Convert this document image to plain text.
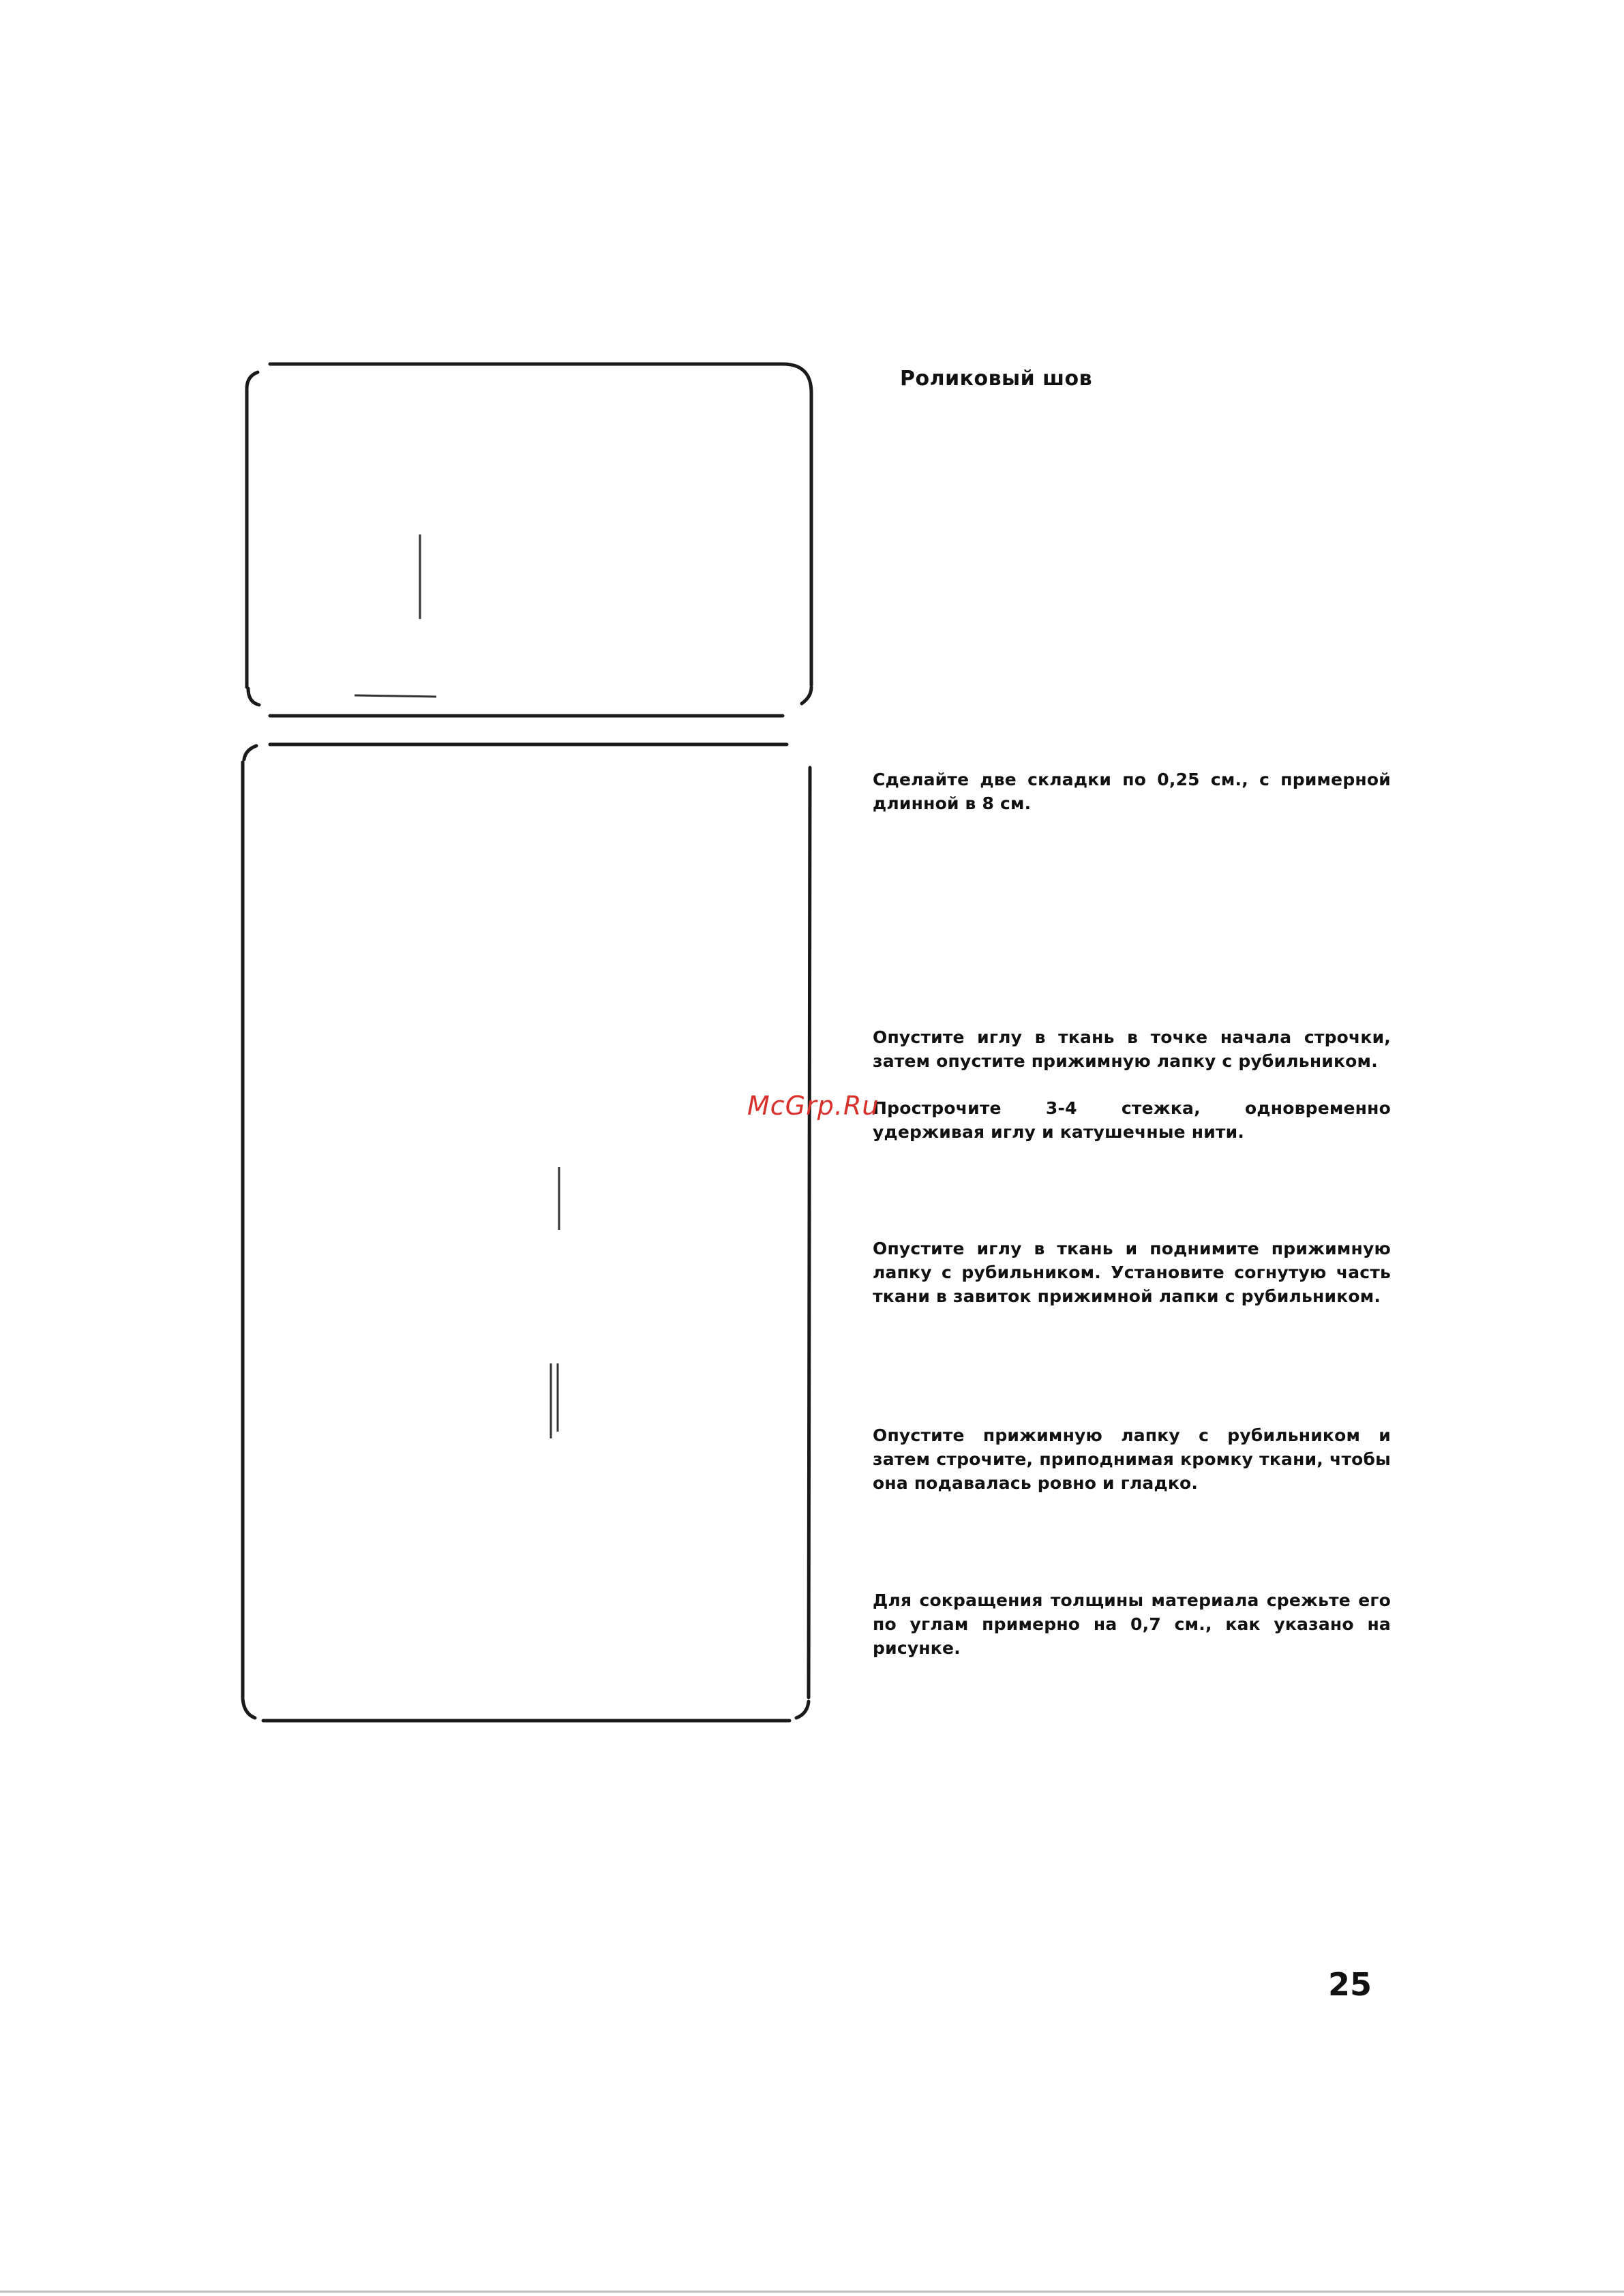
Роликовый шов
Сделайте две складки по 0,25 см., с примерной длинной в 8 см.
Опустите иглу в ткань в точке начала строчки, затем опустите прижимную лапку с рубильником.
Прострочите 3-4 стежка, одновременно удерживая иглу и катушечные нити.
Опустите иглу в ткань и поднимите прижимную лапку с рубильником. Установите согнутую часть ткани в завиток прижимной лапки с рубильником.
Опустите прижимную лапку с рубильником и затем строчите, приподнимая кромку ткани, чтобы она подавалась ровно и гладко.
Для сокращения толщины материала срежьте его по углам примерно на 0,7 см., как указано на рисунке.
McGrp.Ru
25
